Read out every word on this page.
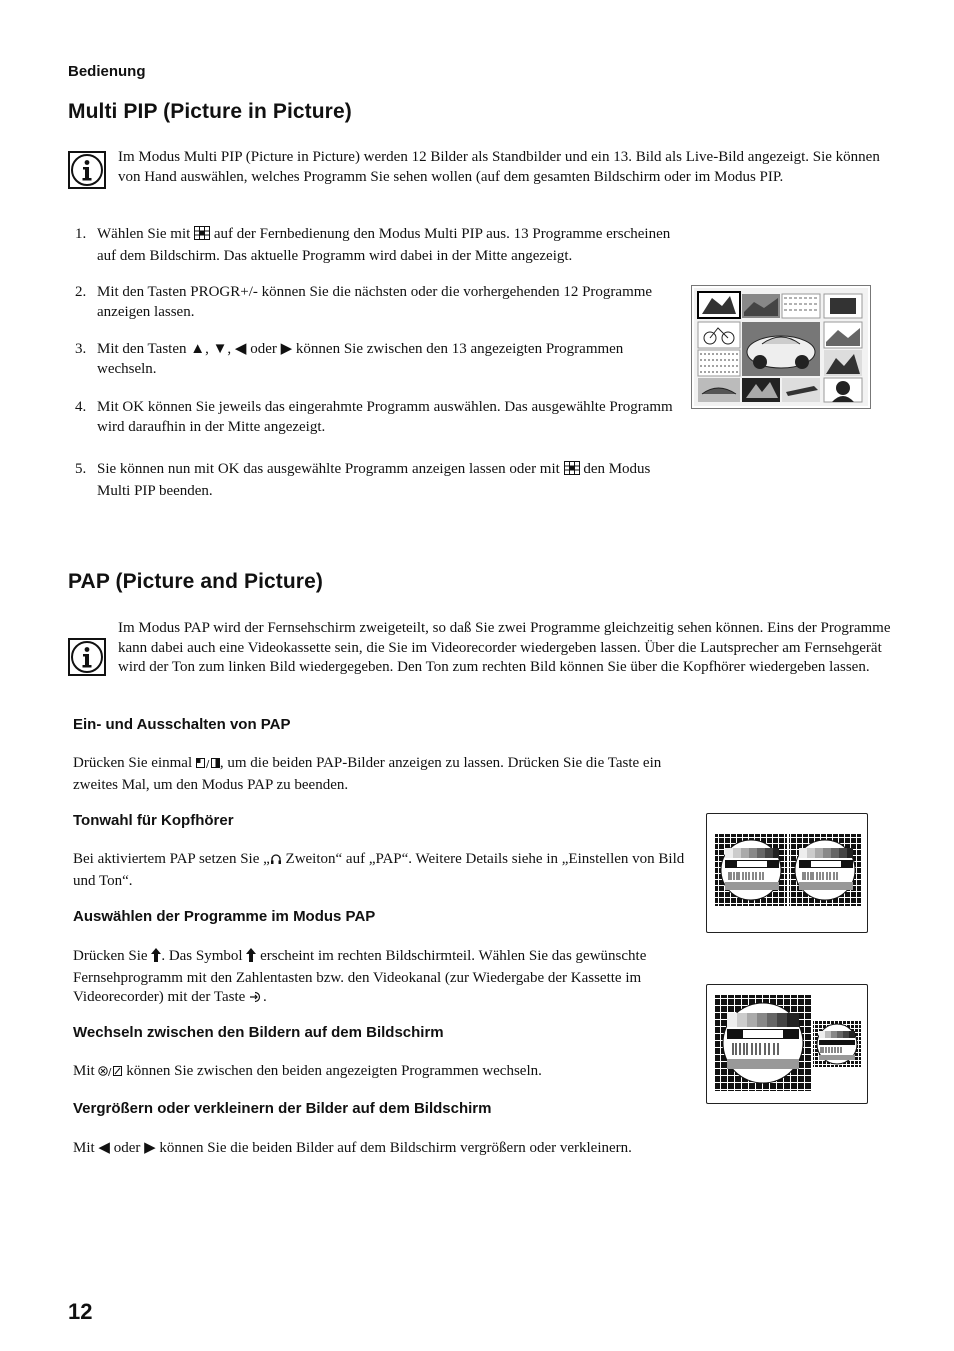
Bedienung
Multi PIP (Picture in Picture)
Im Modus Multi PIP (Picture in Picture) werden 12 Bilder als Standbilder und ein 13. Bild als Live-Bild angezeigt. Sie können von Hand auswählen, welches Programm Sie sehen wollen (auf dem gesamten Bildschirm oder im Modus PIP.
1. Wählen Sie mit auf der Fernbedienung den Modus Multi PIP aus. 13 Programme erscheinen auf dem Bildschirm. Das aktuelle Programm wird dabei in der Mitte angezeigt.
2. Mit den Tasten PROGR+/- können Sie die nächsten oder die vorhergehenden 12 Programme anzeigen lassen.
3. Mit den Tasten ▲, ▼, ◀ oder ▶ können Sie zwischen den 13 angezeigten Programmen wechseln.
4. Mit OK können Sie jeweils das eingerahmte Programm auswählen. Das ausgewählte Programm wird daraufhin in der Mitte angezeigt.
5. Sie können nun mit OK das ausgewählte Programm anzeigen lassen oder mit den Modus Multi PIP beenden.
PAP (Picture and Picture)
Im Modus PAP wird der Fernsehschirm zweigeteilt, so daß Sie zwei Programme gleichzeitig sehen können. Eins der Programme kann dabei auch eine Videokassette sein, die Sie im Videorecorder wiedergeben lassen. Über die Lautsprecher am Fernsehgerät wird der Ton zum linken Bild wiedergegeben. Den Ton zum rechten Bild können Sie über die Kopfhörer wiedergeben lassen.
Ein- und Ausschalten von PAP
Drücken Sie einmal / , um die beiden PAP-Bilder anzeigen zu lassen. Drücken Sie die Taste ein zweites Mal, um den Modus PAP zu beenden.
Tonwahl für Kopfhörer
Bei aktiviertem PAP setzen Sie „ Zweiton“ auf „PAP“. Weitere Details siehe in „Einstellen von Bild und Ton“.
Auswählen der Programme im Modus PAP
Drücken Sie . Das Symbol erscheint im rechten Bildschirmteil. Wählen Sie das gewünschte Fernsehprogramm mit den Zahlentasten bzw. den Videokanal (zur Wiedergabe der Kassette im Videorecorder) mit der Taste .
Wechseln zwischen den Bildern auf dem Bildschirm
Mit / können Sie zwischen den beiden angezeigten Programmen wechseln.
Vergrößern oder verkleinern der Bilder auf dem Bildschirm
Mit ◀ oder ▶ können Sie die beiden Bilder auf dem Bildschirm vergrößern oder verkleinern.
12
